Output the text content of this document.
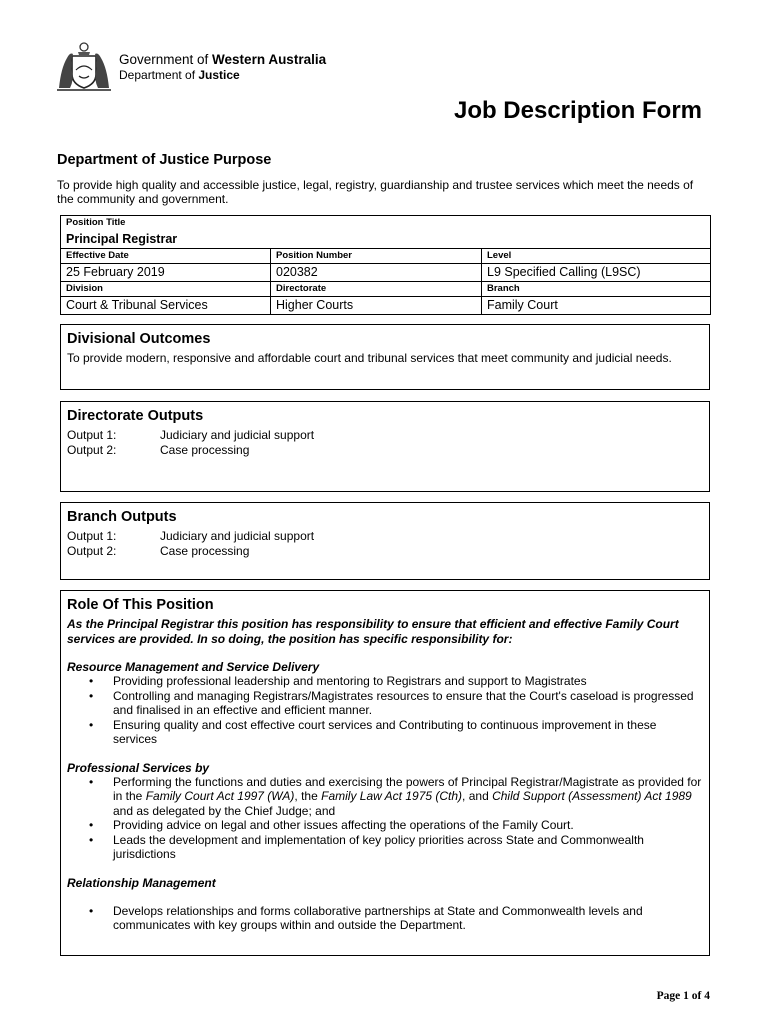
Government of Western Australia
Department of Justice
Job Description Form
Department of Justice Purpose
To provide high quality and accessible justice, legal, registry, guardianship and trustee services which meet the needs of the community and government.
Position Title
Principal Registrar		

Effective Date	Position Number	Level
25 February 2019	020382	L9 Specified Calling (L9SC)
Division	Directorate	Branch
Court & Tribunal Services	Higher Courts	Family Court
Divisional Outcomes
To provide modern, responsive and affordable court and tribunal services that meet community and judicial needs.
Directorate Outputs
Output 1:	Judiciary and judicial support
Output 2:	Case processing
Branch Outputs
Output 1:	Judiciary and judicial support
Output 2:	Case processing
Role Of This Position
As the Principal Registrar this position has responsibility to ensure that efficient and effective Family Court services are provided. In so doing, the position has specific responsibility for:
Resource Management and Service Delivery
• Providing professional leadership and mentoring to Registrars and support to Magistrates
• Controlling and managing Registrars/Magistrates resources to ensure that the Court's caseload is progressed and finalised in an effective and efficient manner.
• Ensuring quality and cost effective court services and Contributing to continuous improvement in these services
Professional Services by
• Performing the functions and duties and exercising the powers of Principal Registrar/Magistrate as provided for in the Family Court Act 1997 (WA), the Family Law Act 1975 (Cth), and Child Support (Assessment) Act 1989 and as delegated by the Chief Judge; and
• Providing advice on legal and other issues affecting the operations of the Family Court.
• Leads the development and implementation of key policy priorities across State and Commonwealth jurisdictions
Relationship Management
• Develops relationships and forms collaborative partnerships at State and Commonwealth levels and communicates with key groups within and outside the Department.
Page 1 of 4
